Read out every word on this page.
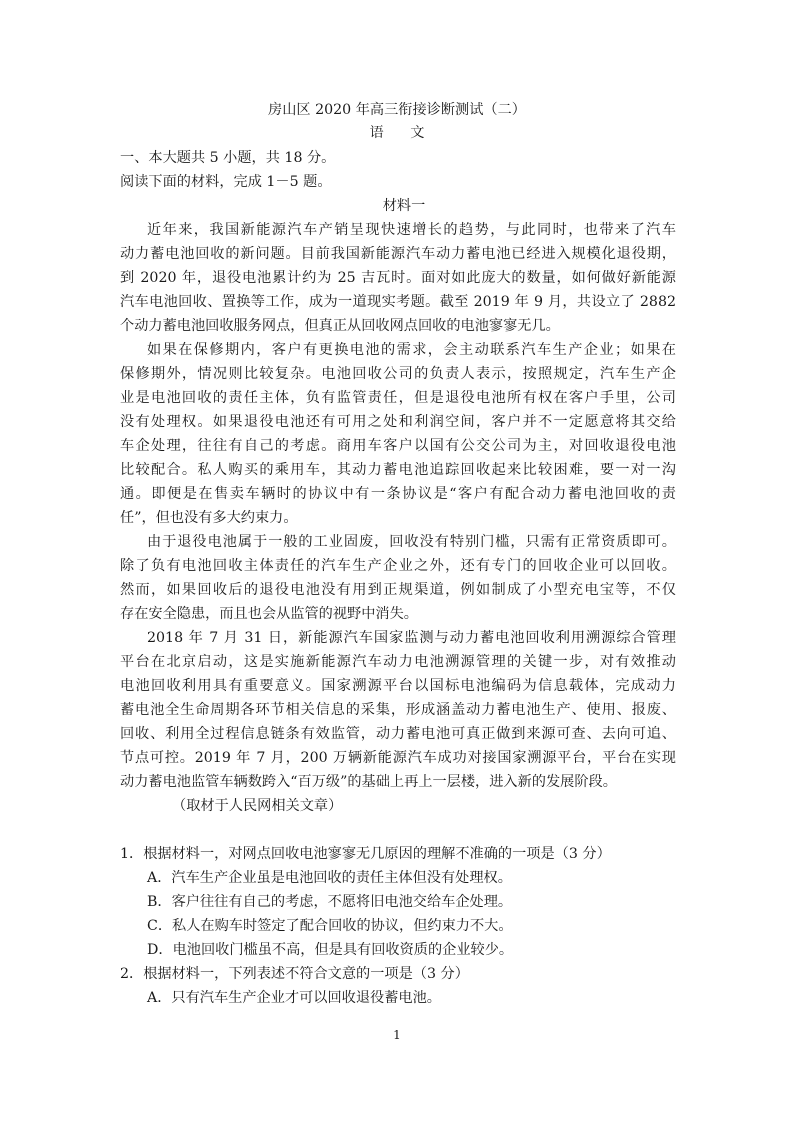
房山区 2020 年高三衔接诊断测试（二）
语 文
一、本大题共 5 小题，共 18 分。
阅读下面的材料，完成 1－5 题。
材料一
近年来，我国新能源汽车产销呈现快速增长的趋势，与此同时，也带来了汽车
动力蓄电池回收的新问题。目前我国新能源汽车动力蓄电池已经进入规模化退役期，
到 2020 年，退役电池累计约为 25 吉瓦时。面对如此庞大的数量，如何做好新能源
汽车电池回收、置换等工作，成为一道现实考题。截至 2019 年 9 月，共设立了 2882
个动力蓄电池回收服务网点，但真正从回收网点回收的电池寥寥无几。
如果在保修期内，客户有更换电池的需求，会主动联系汽车生产企业；如果在
保修期外，情况则比较复杂。电池回收公司的负责人表示，按照规定，汽车生产企
业是电池回收的责任主体，负有监管责任，但是退役电池所有权在客户手里，公司
没有处理权。如果退役电池还有可用之处和利润空间，客户并不一定愿意将其交给
车企处理，往往有自己的考虑。商用车客户以国有公交公司为主，对回收退役电池
比较配合。私人购买的乘用车，其动力蓄电池追踪回收起来比较困难，要一对一沟
通。即便是在售卖车辆时的协议中有一条协议是“客户有配合动力蓄电池回收的责
任”，但也没有多大约束力。
由于退役电池属于一般的工业固废，回收没有特别门槛，只需有正常资质即可。
除了负有电池回收主体责任的汽车生产企业之外，还有专门的回收企业可以回收。
然而，如果回收后的退役电池没有用到正规渠道，例如制成了小型充电宝等，不仅
存在安全隐患，而且也会从监管的视野中消失。
2018 年 7 月 31 日，新能源汽车国家监测与动力蓄电池回收利用溯源综合管理
平台在北京启动，这是实施新能源汽车动力电池溯源管理的关键一步，对有效推动
电池回收利用具有重要意义。国家溯源平台以国标电池编码为信息载体，完成动力
蓄电池全生命周期各环节相关信息的采集，形成涵盖动力蓄电池生产、使用、报废、
回收、利用全过程信息链条有效监管，动力蓄电池可真正做到来源可查、去向可追、
节点可控。2019 年 7 月，200 万辆新能源汽车成功对接国家溯源平台，平台在实现
动力蓄电池监管车辆数跨入“百万级”的基础上再上一层楼，进入新的发展阶段。
（取材于人民网相关文章）
1．根据材料一，对网点回收电池寥寥无几原因的理解不准确的一项是（3 分）
A．汽车生产企业虽是电池回收的责任主体但没有处理权。
B．客户往往有自己的考虑，不愿将旧电池交给车企处理。
C．私人在购车时签定了配合回收的协议，但约束力不大。
D．电池回收门槛虽不高，但是具有回收资质的企业较少。
2．根据材料一，下列表述不符合文意的一项是（3 分）
A．只有汽车生产企业才可以回收退役蓄电池。
1
